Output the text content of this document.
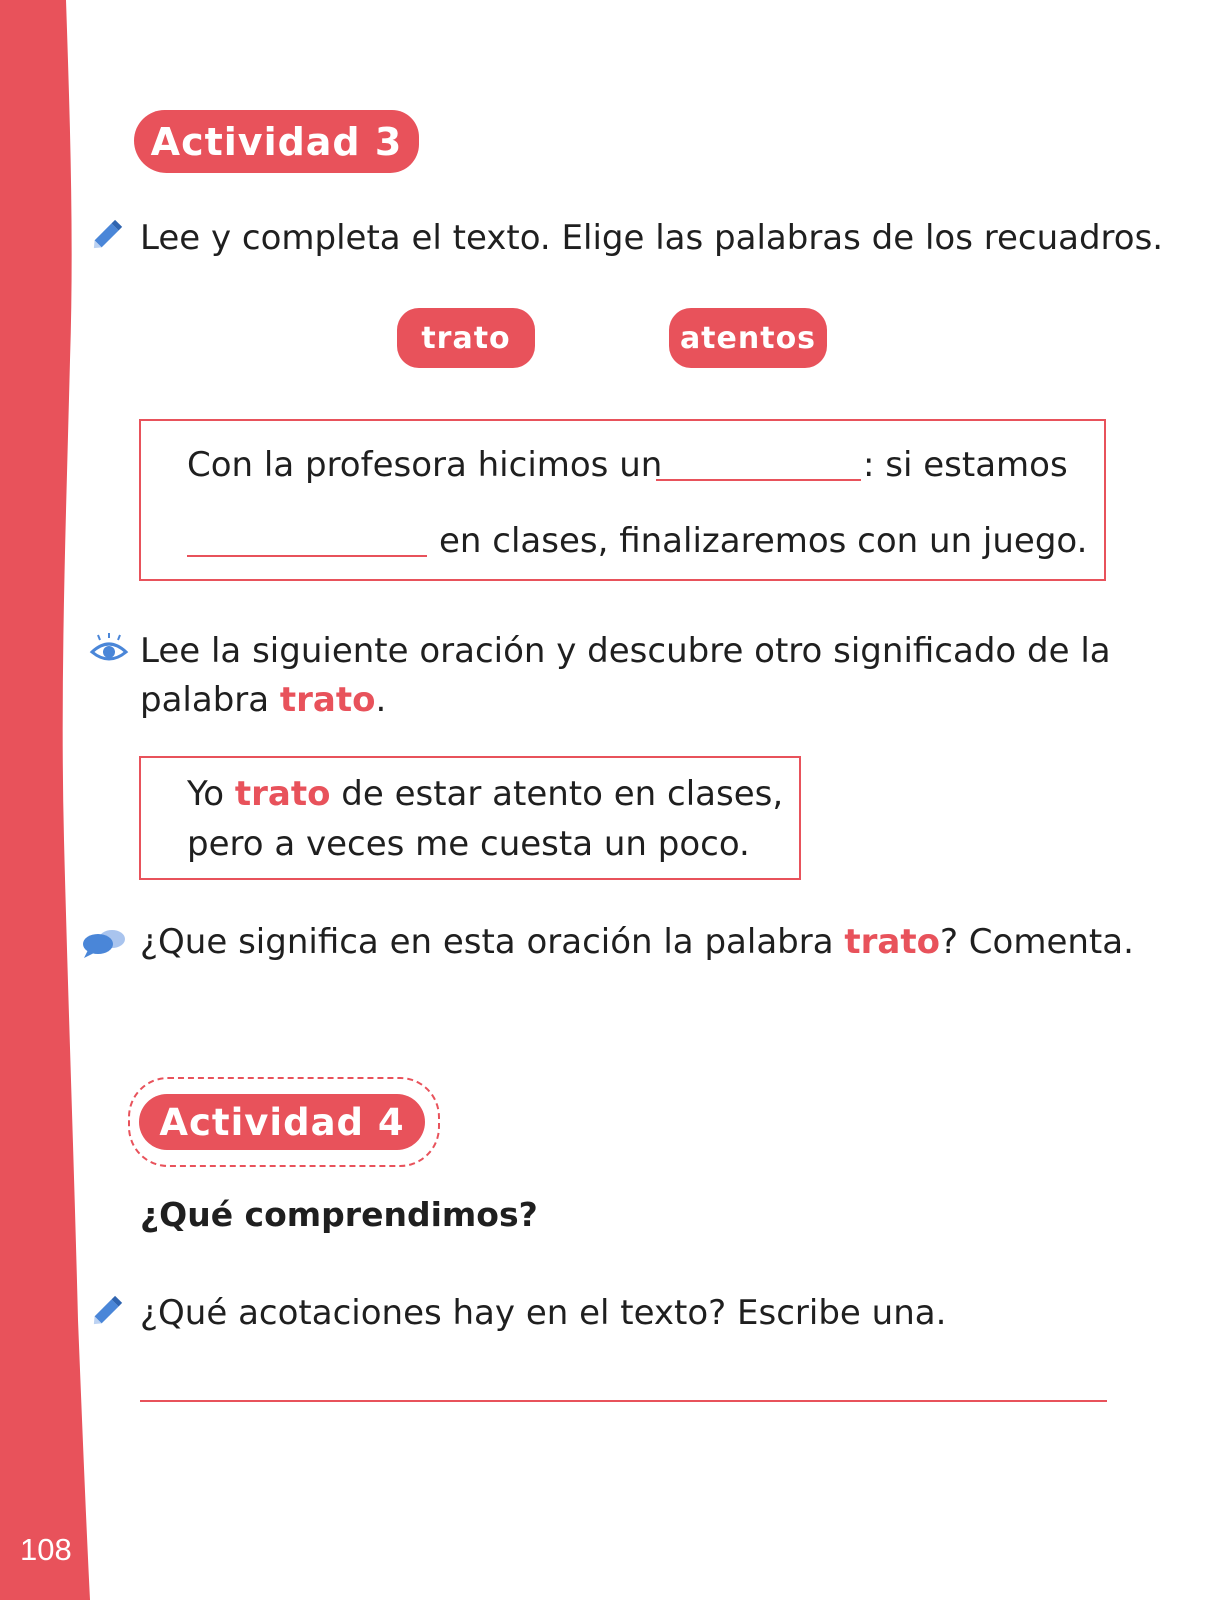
108
Actividad 3
Lee y completa el texto. Elige las palabras de los recuadros.
trato	atentos
Con la profesora hicimos un	: si estamos
en clases, finalizaremos con un juego.
Lee la siguiente oración y descubre otro significado de la
palabra trato.
Yo trato de estar atento en clases,
pero a veces me cuesta un poco.
¿Que significa en esta oración la palabra trato? Comenta.
Actividad 4
¿Qué comprendimos?
¿Qué acotaciones hay en el texto? Escribe una.
